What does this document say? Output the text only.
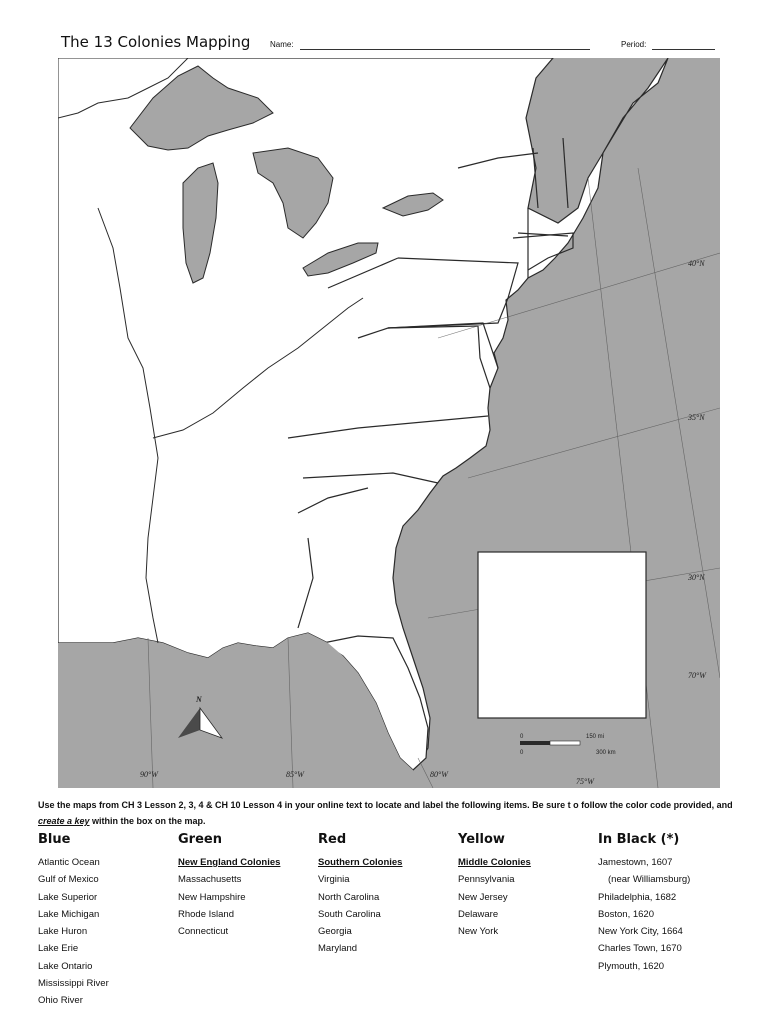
The 13 Colonies Mapping Name:	Period:
40°N
35°N
30°N
90°W	85°W	80°W
75°W
70°W
0	150 mi
0	300 km
N
Use the maps from CH 3 Lesson 2, 3, 4 & CH 10 Lesson 4 in your online text to locate and label the following items. Be sure t o follow the color code provided, and create a key within the box on the map.
Blue
Atlantic Ocean
Gulf of Mexico
Lake Superior
Lake Michigan
Lake Huron
Lake Erie
Lake Ontario
Mississippi River
Ohio River
Green
New England Colonies
Massachusetts
New Hampshire
Rhode Island
Connecticut
Red
Southern Colonies
Virginia
North Carolina
South Carolina
Georgia
Maryland
Yellow
Middle Colonies
Pennsylvania
New Jersey
Delaware
New York
In Black (*)
Jamestown, 1607
(near Williamsburg)
Philadelphia, 1682
Boston, 1620
New York City, 1664
Charles Town, 1670
Plymouth, 1620
